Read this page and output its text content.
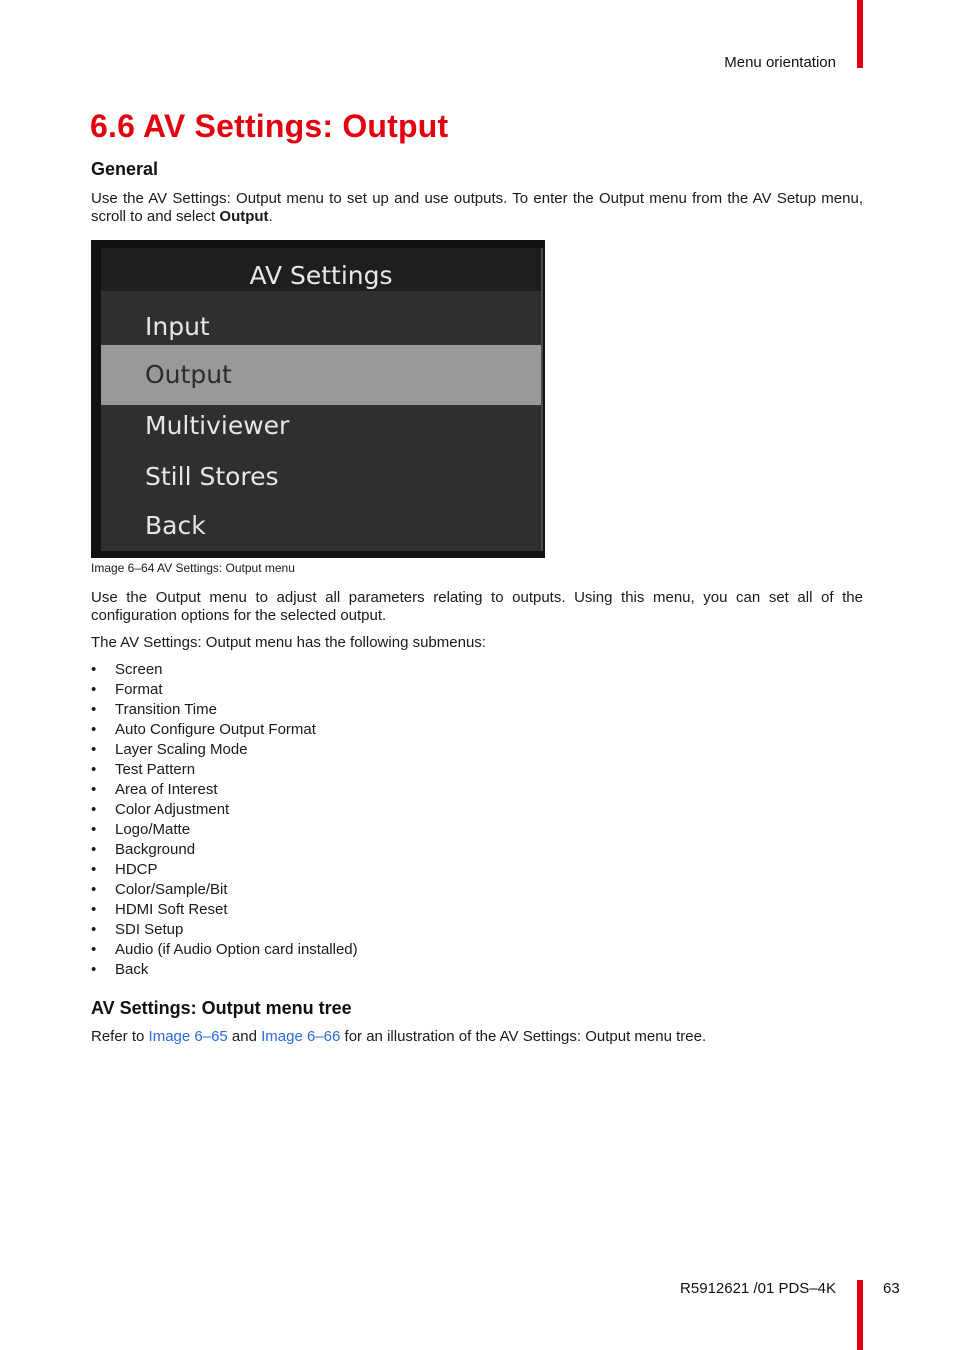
Menu orientation
6.6 AV Settings: Output
General

Use the AV Settings: Output menu to set up and use outputs. To enter the Output menu from the AV Setup menu, scroll to and select Output.

AV Settings
Input
Output
Multiviewer
Still Stores
Back
Image 6–64 AV Settings: Output menu

Use the Output menu to adjust all parameters relating to outputs. Using this menu, you can set all of the configuration options for the selected output.

The AV Settings: Output menu has the following submenus:

• Screen
• Format
• Transition Time
• Auto Configure Output Format
• Layer Scaling Mode
• Test Pattern
• Area of Interest
• Color Adjustment
• Logo/Matte
• Background
• HDCP
• Color/Sample/Bit
• HDMI Soft Reset
• SDI Setup
• Audio (if Audio Option card installed)
• Back
AV Settings: Output menu tree

Refer to Image 6–65 and Image 6–66 for an illustration of the AV Settings: Output menu tree.

R5912621 /01 PDS–4K	63
